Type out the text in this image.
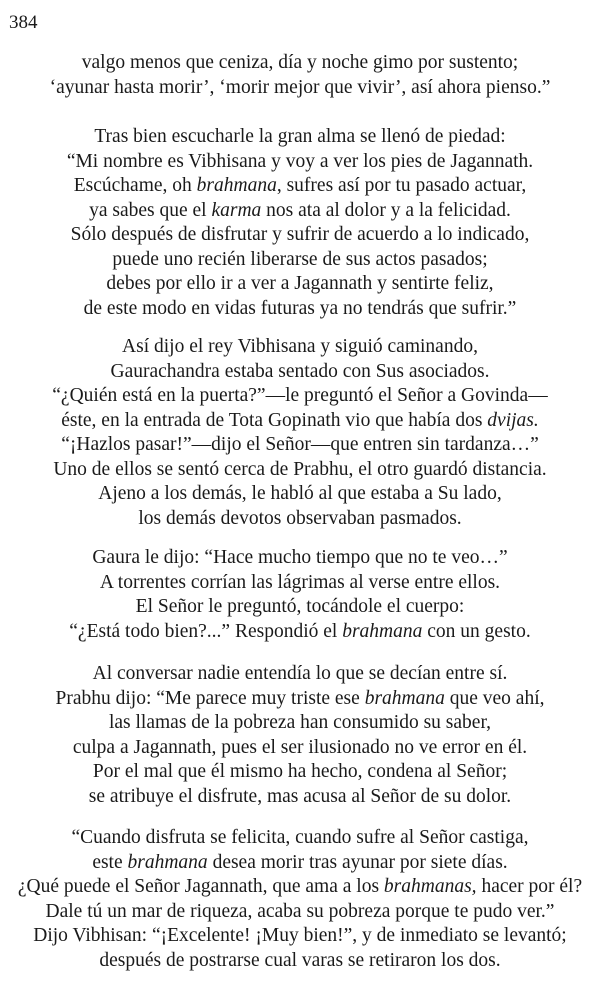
384
valgo menos que ceniza, día y noche gimo por sustento;
‘ayunar hasta morir’, ‘morir mejor que vivir’, así ahora pienso.”
Tras bien escucharle la gran alma se llenó de piedad:
“Mi nombre es Vibhisana y voy a ver los pies de Jagannath.
Escúchame, oh brahmana, sufres así por tu pasado actuar,
ya sabes que el karma nos ata al dolor y a la felicidad.
Sólo después de disfrutar y sufrir de acuerdo a lo indicado,
puede uno recién liberarse de sus actos pasados;
debes por ello ir a ver a Jagannath y sentirte feliz,
de este modo en vidas futuras ya no tendrás que sufrir.”
Así dijo el rey Vibhisana y siguió caminando,
Gaurachandra estaba sentado con Sus asociados.
“¿Quién está en la puerta?”—le preguntó el Señor a Govinda—
éste, en la entrada de Tota Gopinath vio que había dos dvijas.
“¡Hazlos pasar!”—dijo el Señor—que entren sin tardanza…”
Uno de ellos se sentó cerca de Prabhu, el otro guardó distancia.
Ajeno a los demás, le habló al que estaba a Su lado,
los demás devotos observaban pasmados.
Gaura le dijo: “Hace mucho tiempo que no te veo…”
A torrentes corrían las lágrimas al verse entre ellos.
El Señor le preguntó, tocándole el cuerpo:
“¿Está todo bien?...” Respondió el brahmana con un gesto.
Al conversar nadie entendía lo que se decían entre sí.
Prabhu dijo: “Me parece muy triste ese brahmana que veo ahí,
las llamas de la pobreza han consumido su saber,
culpa a Jagannath, pues el ser ilusionado no ve error en él.
Por el mal que él mismo ha hecho, condena al Señor;
se atribuye el disfrute, mas acusa al Señor de su dolor.
“Cuando disfruta se felicita, cuando sufre al Señor castiga,
este brahmana desea morir tras ayunar por siete días.
¿Qué puede el Señor Jagannath, que ama a los brahmanas, hacer por él?
Dale tú un mar de riqueza, acaba su pobreza porque te pudo ver.”
Dijo Vibhisan: “¡Excelente! ¡Muy bien!”, y de inmediato se levantó;
después de postrarse cual varas se retiraron los dos.
